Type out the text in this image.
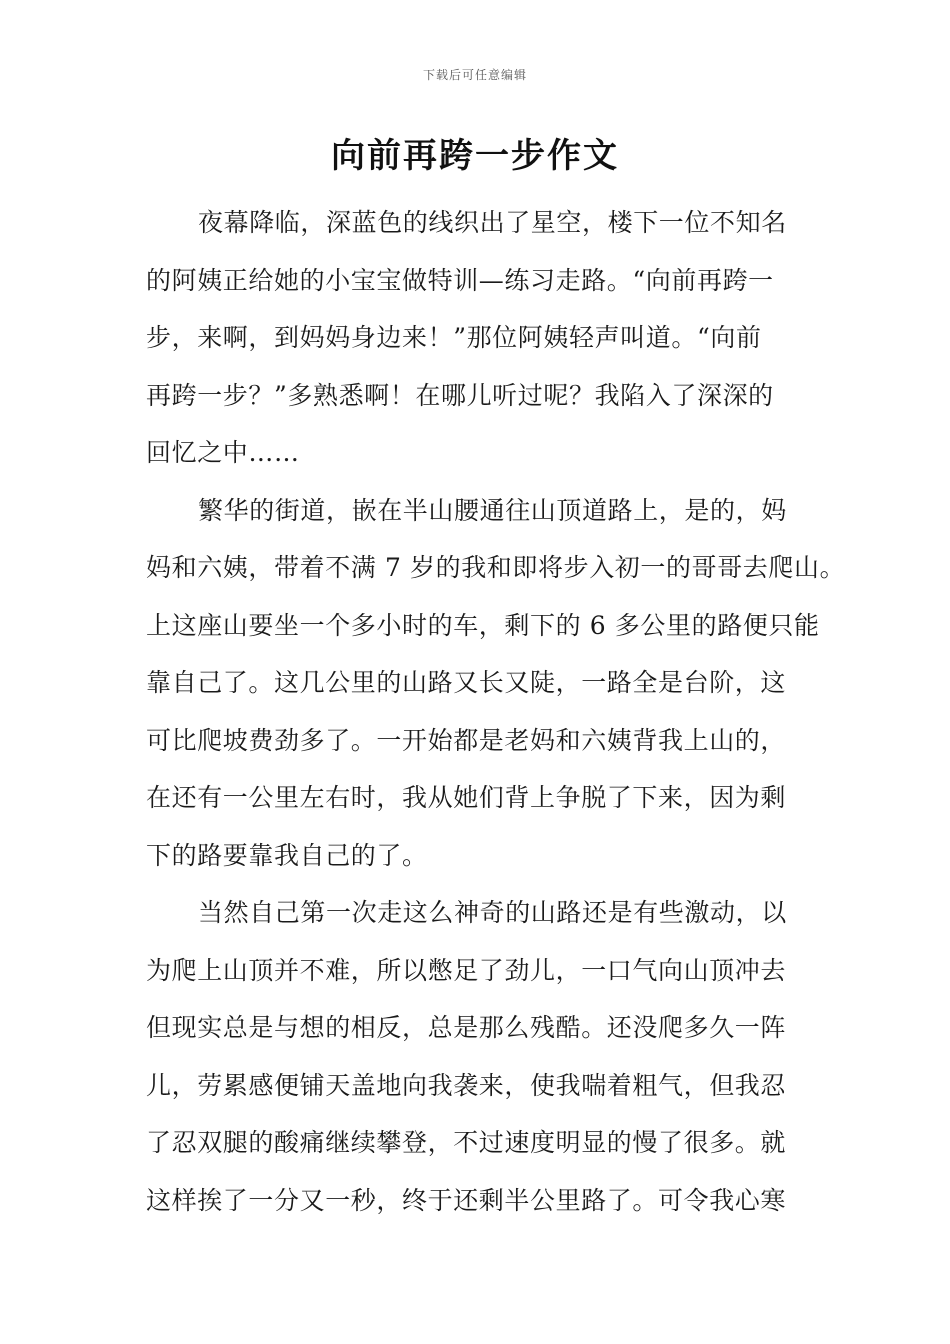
下载后可任意编辑
向前再跨一步作文
夜幕降临，深蓝色的线织出了星空，楼下一位不知名
的阿姨正给她的小宝宝做特训—练习走路。“向前再跨一
步，来啊，到妈妈身边来！”那位阿姨轻声叫道。“向前
再跨一步？”多熟悉啊！在哪儿听过呢？我陷入了深深的
回忆之中……
繁华的街道，嵌在半山腰通往山顶道路上，是的，妈
妈和六姨，带着不满 7 岁的我和即将步入初一的哥哥去爬山。
上这座山要坐一个多小时的车，剩下的 6 多公里的路便只能
靠自己了。这几公里的山路又长又陡，一路全是台阶，这
可比爬坡费劲多了。一开始都是老妈和六姨背我上山的，
在还有一公里左右时，我从她们背上争脱了下来，因为剩
下的路要靠我自己的了。
当然自己第一次走这么神奇的山路还是有些激动，以
为爬上山顶并不难，所以憋足了劲儿，一口气向山顶冲去
但现实总是与想的相反，总是那么残酷。还没爬多久一阵
儿，劳累感便铺天盖地向我袭来，使我喘着粗气，但我忍
了忍双腿的酸痛继续攀登，不过速度明显的慢了很多。就
这样挨了一分又一秒，终于还剩半公里路了。可令我心寒
